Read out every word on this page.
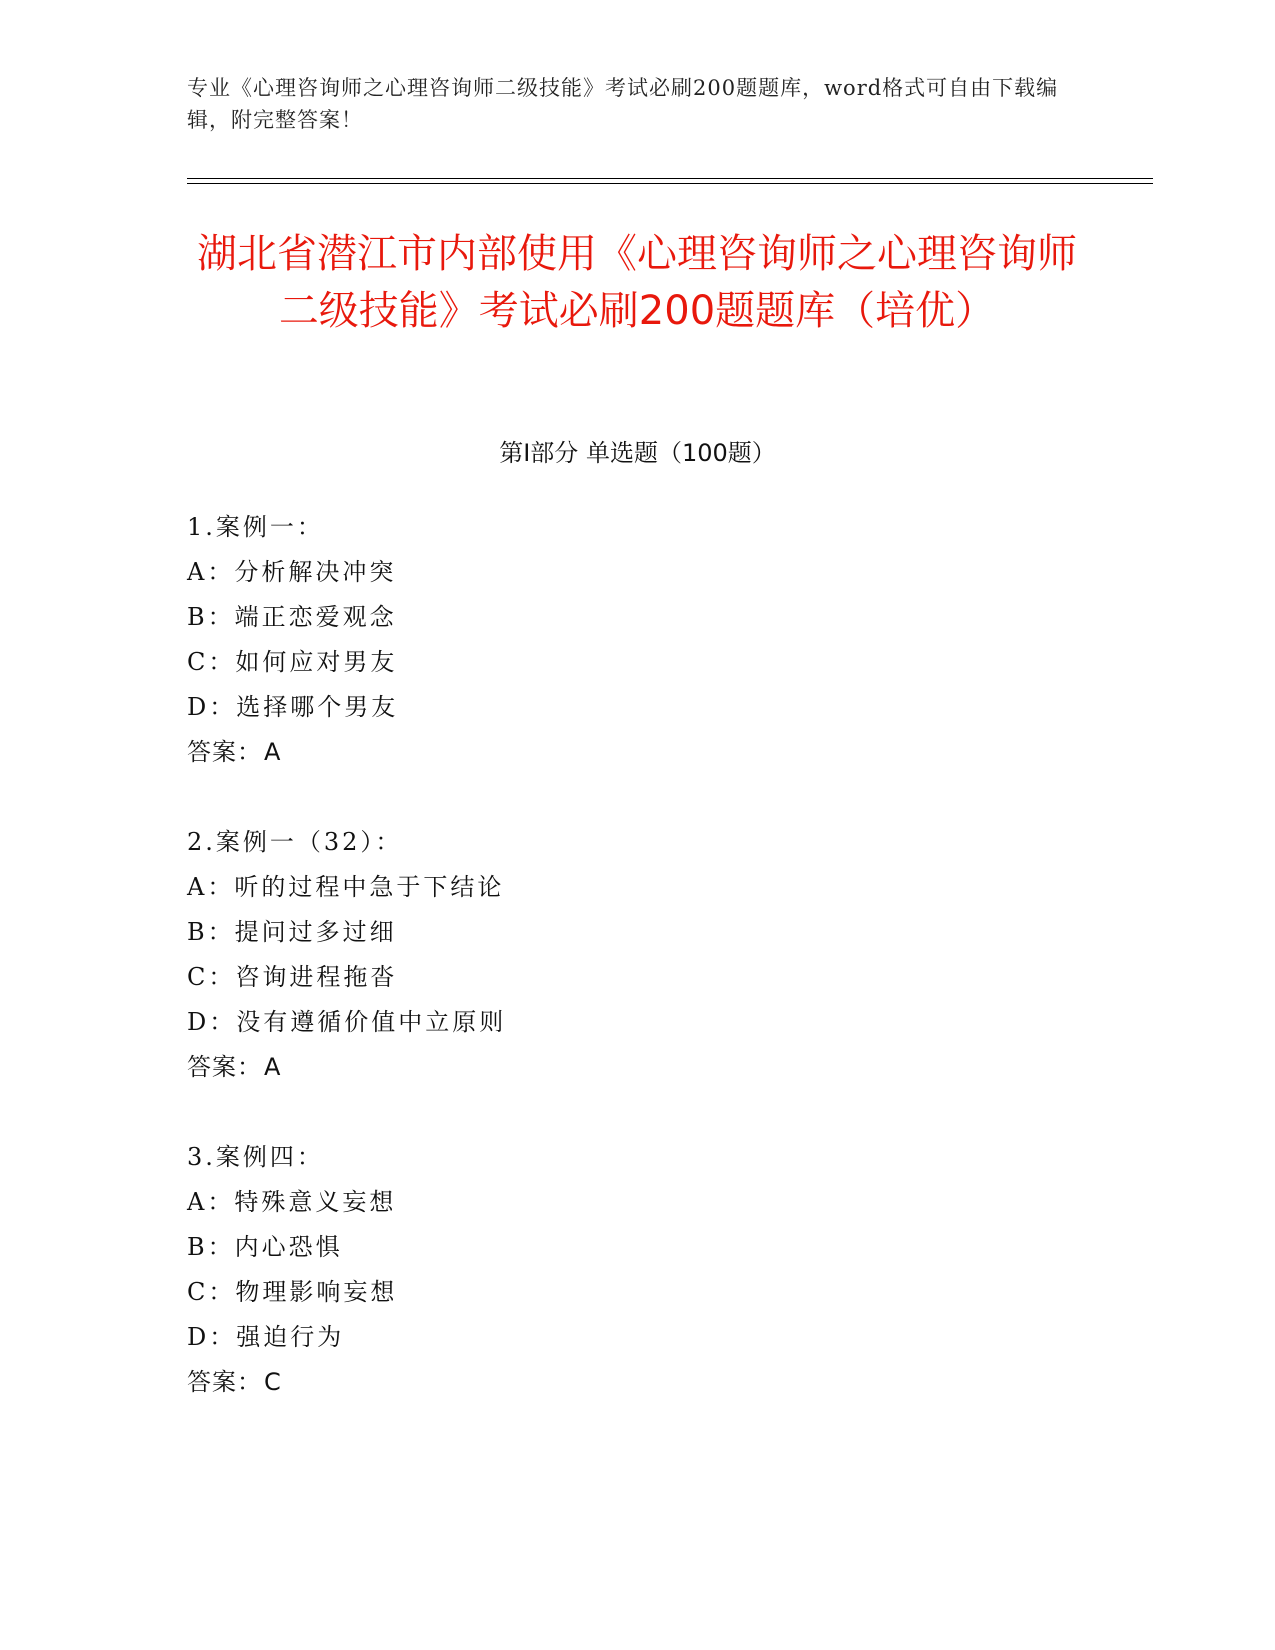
专业《心理咨询师之心理咨询师二级技能》考试必刷200题题库，word格式可自由下载编辑，附完整答案！
湖北省潜江市内部使用《心理咨询师之心理咨询师二级技能》考试必刷200题题库（培优）
第Ⅰ部分 单选题（100题）
1.案例一：
A：分析解决冲突
B：端正恋爱观念
C：如何应对男友
D：选择哪个男友
答案：A
2.案例一（32）：
A：听的过程中急于下结论
B：提问过多过细
C：咨询进程拖沓
D：没有遵循价值中立原则
答案：A
3.案例四：
A：特殊意义妄想
B：内心恐惧
C：物理影响妄想
D：强迫行为
答案：C
